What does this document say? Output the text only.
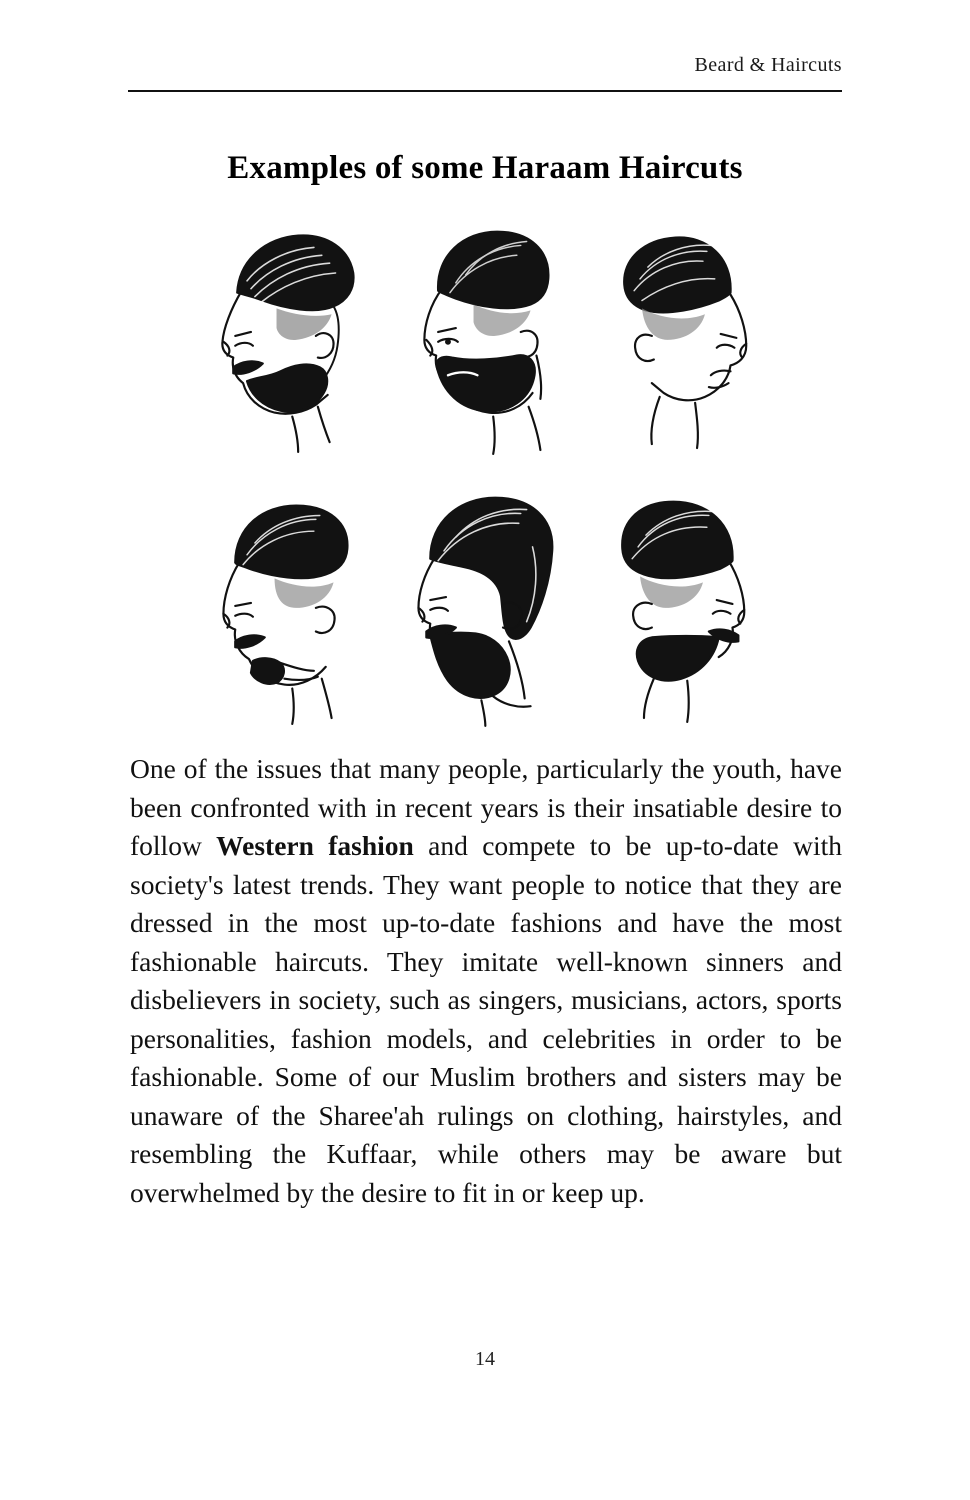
Beard & Haircuts
Examples of some Haraam Haircuts
One of the issues that many people, particularly the youth, have been confronted with in recent years is their insatiable desire to follow Western fashion and compete to be up-to-date with society's latest trends. They want people to notice that they are dressed in the most up-to-date fashions and have the most fashionable haircuts. They imitate well-known sinners and disbelievers in society, such as singers, musicians, actors, sports personalities, fashion models, and celebrities in order to be fashionable. Some of our Muslim brothers and sisters may be unaware of the Sharee'ah rulings on clothing, hairstyles, and resembling the Kuffaar, while others may be aware but overwhelmed by the desire to fit in or keep up.
14
